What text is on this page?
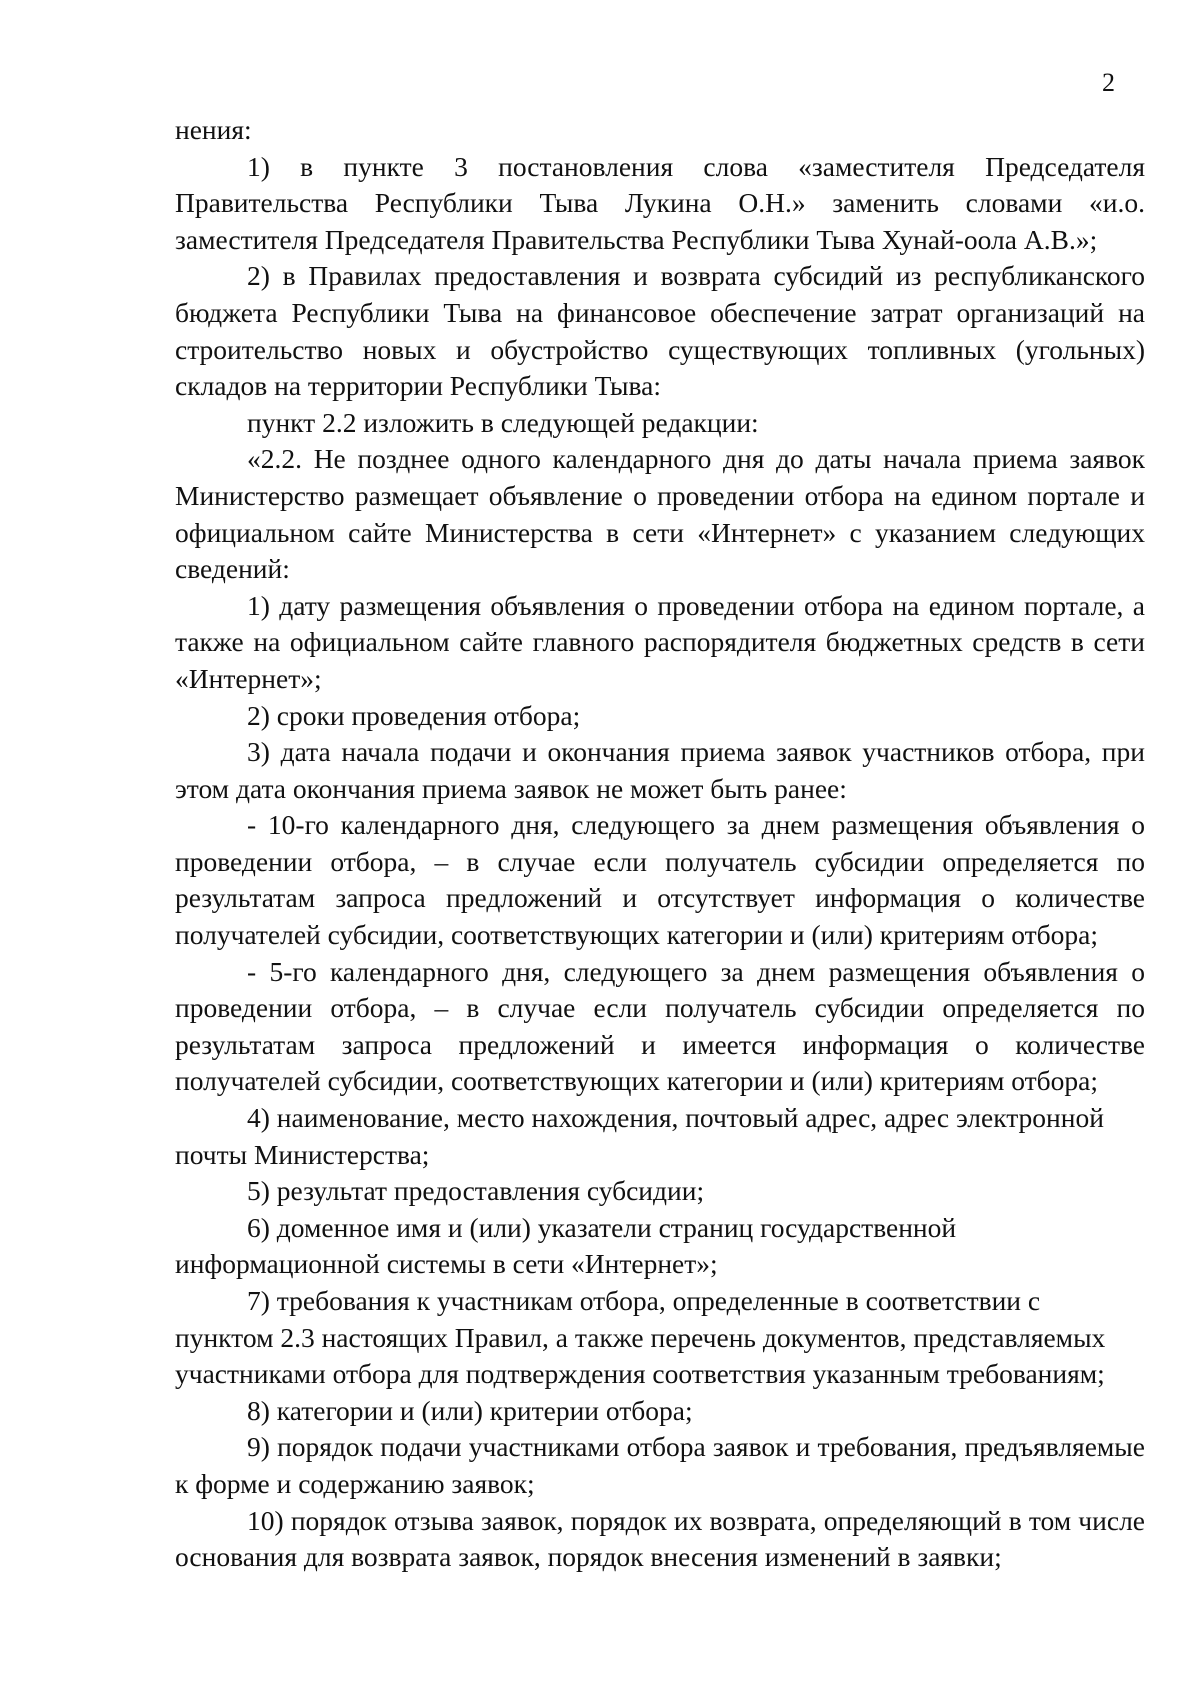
2

нения:

1) в пункте 3 постановления слова «заместителя Председателя Правительства Республики Тыва Лукина О.Н.» заменить словами «и.о. заместителя Председателя Правительства Республики Тыва Хунай-оола А.В.»;

2) в Правилах предоставления и возврата субсидий из республиканского бюджета Республики Тыва на финансовое обеспечение затрат организаций на строительство новых и обустройство существующих топливных (угольных) складов на территории Республики Тыва:

пункт 2.2 изложить в следующей редакции:

«2.2. Не позднее одного календарного дня до даты начала приема заявок Министерство размещает объявление о проведении отбора на едином портале и официальном сайте Министерства в сети «Интернет» с указанием следующих сведений:

1) дату размещения объявления о проведении отбора на едином портале, а также на официальном сайте главного распорядителя бюджетных средств в сети «Интернет»;

2) сроки проведения отбора;

3) дата начала подачи и окончания приема заявок участников отбора, при этом дата окончания приема заявок не может быть ранее:

- 10-го календарного дня, следующего за днем размещения объявления о проведении отбора, – в случае если получатель субсидии определяется по результатам запроса предложений и отсутствует информация о количестве получателей субсидии, соответствующих категории и (или) критериям отбора;

- 5-го календарного дня, следующего за днем размещения объявления о проведении отбора, – в случае если получатель субсидии определяется по результатам запроса предложений и имеется информация о количестве получателей субсидии, соответствующих категории и (или) критериям отбора;

4) наименование, место нахождения, почтовый адрес, адрес электронной почты Министерства;

5) результат предоставления субсидии;

6) доменное имя и (или) указатели страниц государственной информационной системы в сети «Интернет»;

7) требования к участникам отбора, определенные в соответствии с пунктом 2.3 настоящих Правил, а также перечень документов, представляемых участниками отбора для подтверждения соответствия указанным требованиям;

8) категории и (или) критерии отбора;

9) порядок подачи участниками отбора заявок и требования, предъявляемые к форме и содержанию заявок;

10) порядок отзыва заявок, порядок их возврата, определяющий в том числе основания для возврата заявок, порядок внесения изменений в заявки;
